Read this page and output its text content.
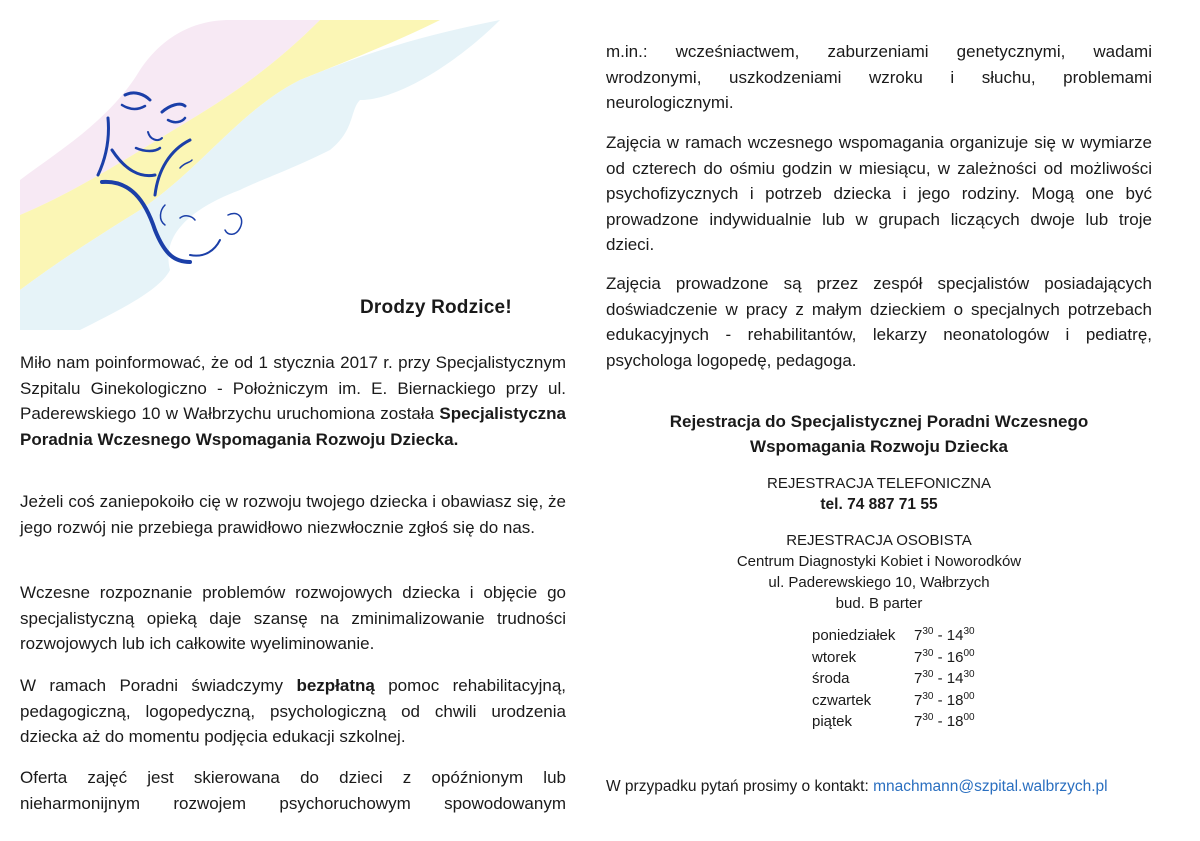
Drodzy Rodzice!

Miło nam poinformować, że od 1 stycznia 2017 r. przy Specjalistycznym Szpitalu Ginekologiczno - Położniczym im. E. Biernackiego przy ul. Paderewskiego 10 w Wałbrzychu uruchomiona została Specjalistyczna Poradnia Wczesnego Wspomagania Rozwoju Dziecka.

Jeżeli coś zaniepokoiło cię w rozwoju twojego dziecka i obawiasz się, że jego rozwój nie przebiega prawidłowo niezwłocznie zgłoś się do nas.

Wczesne rozpoznanie problemów rozwojowych dziecka i objęcie go specjalistyczną opieką daje szansę na zminimalizowanie trudności rozwojowych lub ich całkowite wyeliminowanie.

W ramach Poradni świadczymy bezpłatną pomoc rehabilitacyjną, pedagogiczną, logopedyczną, psychologiczną od chwili urodzenia dziecka aż do momentu podjęcia edukacji szkolnej.

Oferta zajęć jest skierowana do dzieci z opóźnionym lub nieharmonijnym rozwojem psychoruchowym spowodowanym

m.in.: wcześniactwem, zaburzeniami genetycznymi, wadami wrodzonymi, uszkodzeniami wzroku i słuchu, problemami neurologicznymi.

Zajęcia w ramach wczesnego wspomagania organizuje się w wymiarze od czterech do ośmiu godzin w miesiącu, w zależności od możliwości psychofizycznych i potrzeb dziecka i jego rodziny. Mogą one być prowadzone indywidualnie lub w grupach liczących dwoje lub troje dzieci.

Zajęcia prowadzone są przez zespół specjalistów posiadających doświadczenie w pracy z małym dzieckiem o specjalnych potrzebach edukacyjnych - rehabilitantów, lekarzy neonatologów i pediatrę, psychologa logopedę, pedagoga.

Rejestracja do Specjalistycznej Poradni Wczesnego
Wspomagania Rozwoju Dziecka
REJESTRACJA TELEFONICZNA
tel. 74 887 71 55
REJESTRACJA OSOBISTA
Centrum Diagnostyki Kobiet i Noworodków
ul. Paderewskiego 10, Wałbrzych
bud. B parter
poniedziałek	$7^{30} - 14^{30}$
wtorek	$7^{30} - 16^{00}$
środa	$7^{30} - 14^{30}$
czwartek	$7^{30} - 18^{00}$
piątek	$7^{30} - 18^{00}$
W przypadku pytań prosimy o kontakt: mnachmann@szpital.walbrzych.pl
